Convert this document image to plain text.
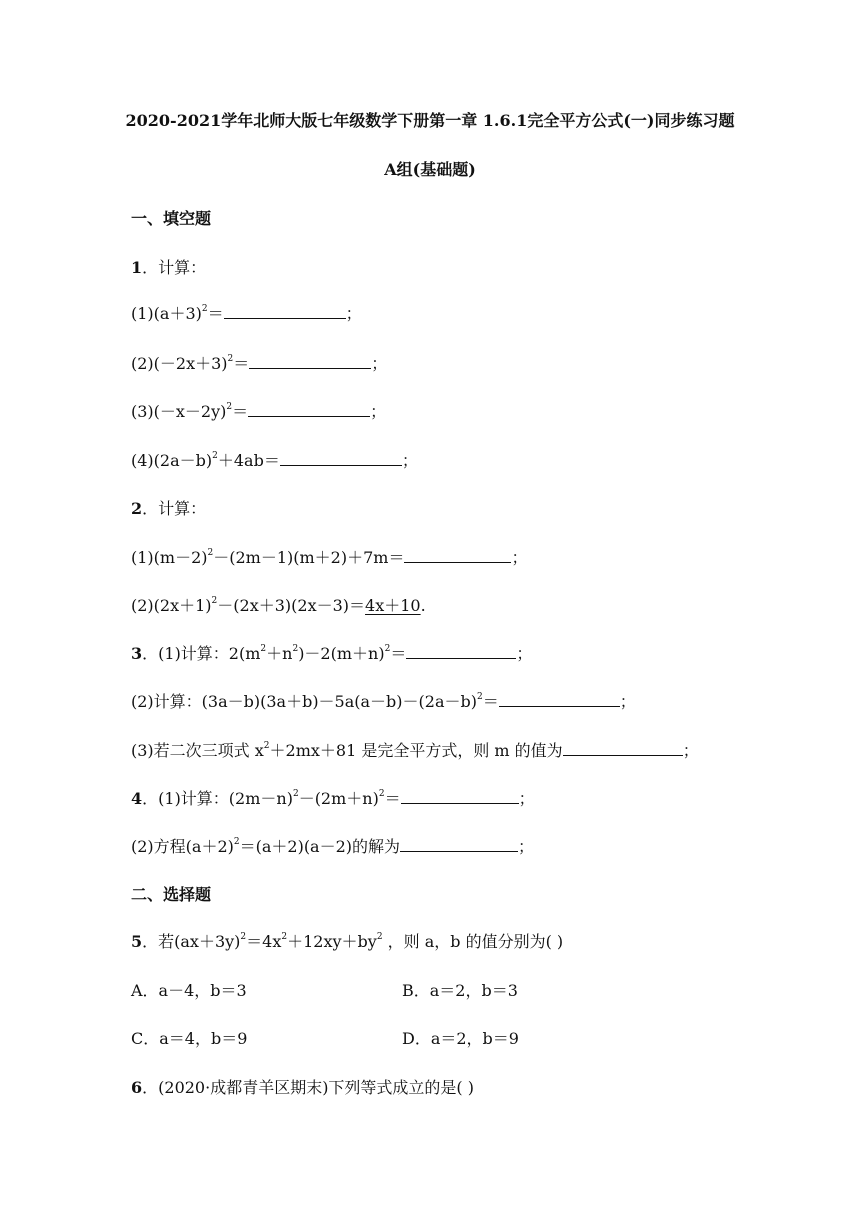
2020-2021学年北师大版七年级数学下册第一章 1.6.1完全平方公式(一)同步练习题
A组(基础题)
一、填空题
1．计算：
$(1)(a+3)^2=$	；
$(2)(-2x+3)^2=$	；
$(3)(-x-2y)^2=$	；
$(4)(2a-b)^2+4ab=$	；
2．计算：
$(1)(m-2)^2-(2m-1)(m+2)+7m=$	；
$(2)(2x+1)^2-(2x+3)(2x-3)=4x+10$.
3．(1)计算：$2(m^2+n^2)-2(m+n)^2=$	；
(2)计算：$(3a-b)(3a+b)-5a(a-b)-(2a-b)^2=$	；
(3)若二次三项式 $x^2+2mx+81$ 是完全平方式，则 m 的值为	；
4．(1)计算：$(2m-n)^2-(2m+n)^2=$	；
(2)方程$(a+2)^2=(a+2)(a-2)$的解为	；
二、选择题
5．若$(ax+3y)^2=4x^2+12xy+by^2$ ，则 a，b 的值分别为( )
A．a－4，b＝3	B．a＝2，b＝3
C．a＝4，b＝9	D．a＝2，b＝9
6．(2020·成都青羊区期末)下列等式成立的是( )
